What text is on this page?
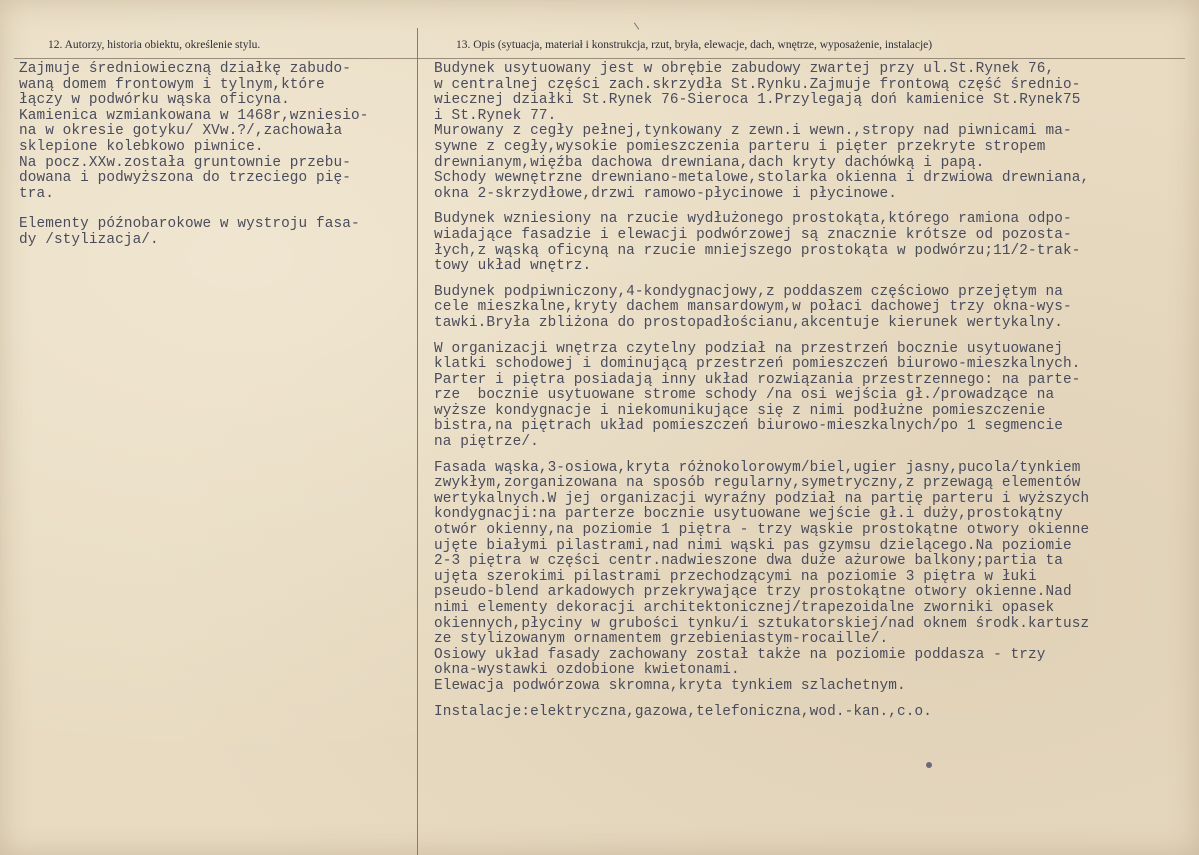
12. Autorzy, historia obiektu, określenie stylu.	13. Opis (sytuacja, materiał i konstrukcja, rzut, bryła, elewacje, dach, wnętrze, wyposażenie, instalacje)
Zajmuje średniowieczną działkę zabudo-
waną domem frontowym i tylnym,które
łączy w podwórku wąska oficyna.
Kamienica wzmiankowana w 1468r,wzniesio-
na w okresie gotyku/ XVw.?/,zachowała
sklepione kolebkowo piwnice.
Na pocz.XXw.została gruntownie przebu-
dowana i podwyższona do trzeciego pię-
tra.
Elementy późnobarokowe w wystroju fasa-
dy /stylizacja/.
Budynek usytuowany jest w obrębie zabudowy zwartej przy ul.St.Rynek 76,
w centralnej części zach.skrzydła St.Rynku.Zajmuje frontową część średnio-
wiecznej działki St.Rynek 76-Sieroca 1.Przylegają doń kamienice St.Rynek75
i St.Rynek 77.
Murowany z cegły pełnej,tynkowany z zewn.i wewn.,stropy nad piwnicami ma-
sywne z cegły,wysokie pomieszczenia parteru i pięter przekryte stropem
drewnianym,więźba dachowa drewniana,dach kryty dachówką i papą.
Schody wewnętrzne drewniano-metalowe,stolarka okienna i drzwiowa drewniana,
okna 2-skrzydłowe,drzwi ramowo-płycinowe i płycinowe.
Budynek wzniesiony na rzucie wydłużonego prostokąta,którego ramiona odpo-
wiadające fasadzie i elewacji podwórzowej są znacznie krótsze od pozosta-
łych,z wąską oficyną na rzucie mniejszego prostokąta w podwórzu;11/2-trak-
towy układ wnętrz.
Budynek podpiwniczony,4-kondygnacjowy,z poddaszem częściowo przejętym na
cele mieszkalne,kryty dachem mansardowym,w połaci dachowej trzy okna-wys-
tawki.Bryła zbliżona do prostopadłościanu,akcentuje kierunek wertykalny.
W organizacji wnętrza czytelny podział na przestrzeń bocznie usytuowanej
klatki schodowej i dominującą przestrzeń pomieszczeń biurowo-mieszkalnych.
Parter i piętra posiadają inny układ rozwiązania przestrzennego: na parte-
rze  bocznie usytuowane strome schody /na osi wejścia gł./prowadzące na
wyższe kondygnacje i niekomunikujące się z nimi podłużne pomieszczenie
bistra,na piętrach układ pomieszczeń biurowo-mieszkalnych/po 1 segmencie
na piętrze/.
Fasada wąska,3-osiowa,kryta różnokolorowym/biel,ugier jasny,pucola/tynkiem
zwykłym,zorganizowana na sposób regularny,symetryczny,z przewagą elementów
wertykalnych.W jej organizacji wyraźny podział na partię parteru i wyższych
kondygnacji:na parterze bocznie usytuowane wejście gł.i duży,prostokątny
otwór okienny,na poziomie 1 piętra - trzy wąskie prostokątne otwory okienne
ujęte białymi pilastrami,nad nimi wąski pas gzymsu dzielącego.Na poziomie
2-3 piętra w części centr.nadwieszone dwa duże ażurowe balkony;partia ta
ujęta szerokimi pilastrami przechodzącymi na poziomie 3 piętra w łuki
pseudo-blend arkadowych przekrywające trzy prostokątne otwory okienne.Nad
nimi elementy dekoracji architektonicznej/trapezoidalne zworniki opasek
okiennych,płyciny w grubości tynku/i sztukatorskiej/nad oknem środk.kartusz
ze stylizowanym ornamentem grzebieniastym-rocaille/.
Osiowy układ fasady zachowany został także na poziomie poddasza - trzy
okna-wystawki ozdobione kwietonami.
Elewacja podwórzowa skromna,kryta tynkiem szlachetnym.
Instalacje:elektryczna,gazowa,telefoniczna,wod.-kan.,c.o.
